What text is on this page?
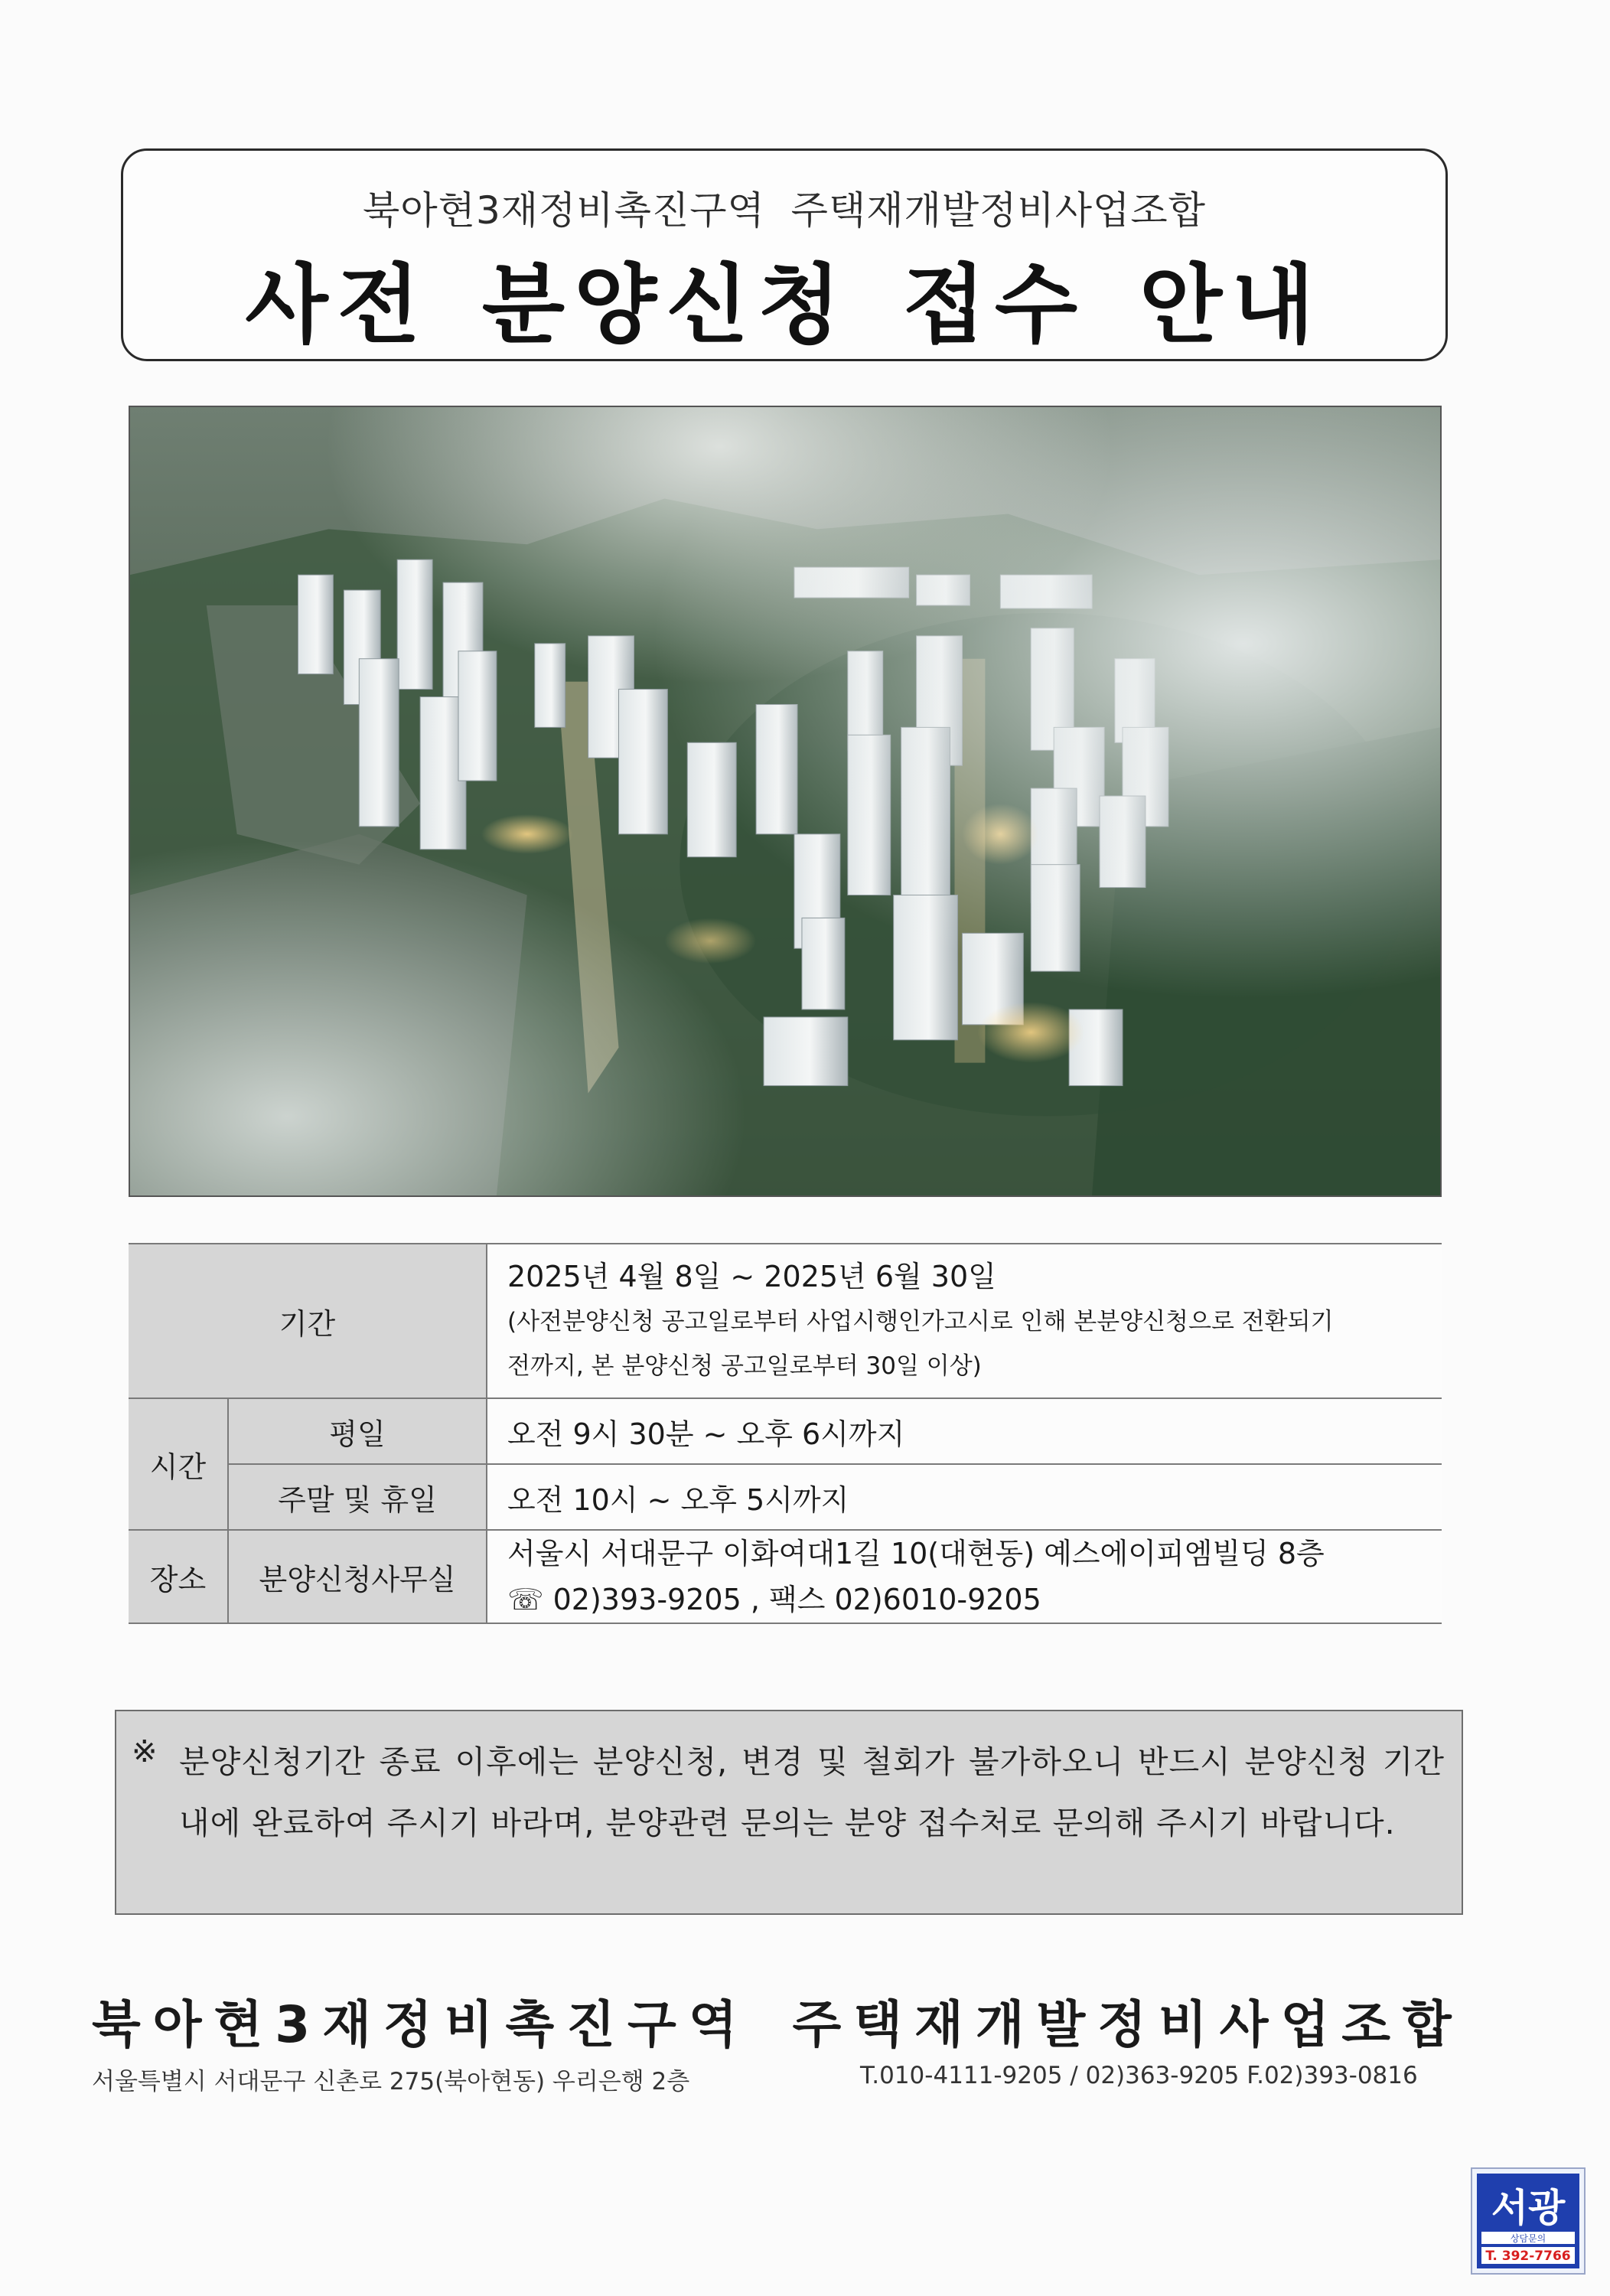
북아현3재정비촉진구역  주택재개발정비사업조합
사전 분양신청 접수 안내
기간		2025년 4월 8일 ~ 2025년 6월 30일
(사전분양신청 공고일로부터 사업시행인가고시로 인해 본분양신청으로 전환되기
전까지, 본 분양신청 공고일로부터 30일 이상)

시간	평일	오전 9시 30분 ~ 오후 6시까지
	주말 및 휴일	오전 10시 ~ 오후 5시까지
장소	분양신청사무실	서울시 서대문구 이화여대1길 10(대현동) 예스에이피엠빌딩 8층
☏ 02)393-9205 , 팩스 02)6010-9205
※ 분양신청기간 종료 이후에는 분양신청, 변경 및 철회가 불가하오니 반드시 분양신청 기간 내에 완료하여 주시기 바라며, 분양관련 문의는 분양 접수처로 문의해 주시기 바랍니다.
북아현3재정비촉진구역 주택재개발정비사업조합
서울특별시 서대문구 신촌로 275(북아현동) 우리은행 2층	T.010-4111-9205 / 02)363-9205 F.02)393-0816
서광
상담문의
T. 392-7766
